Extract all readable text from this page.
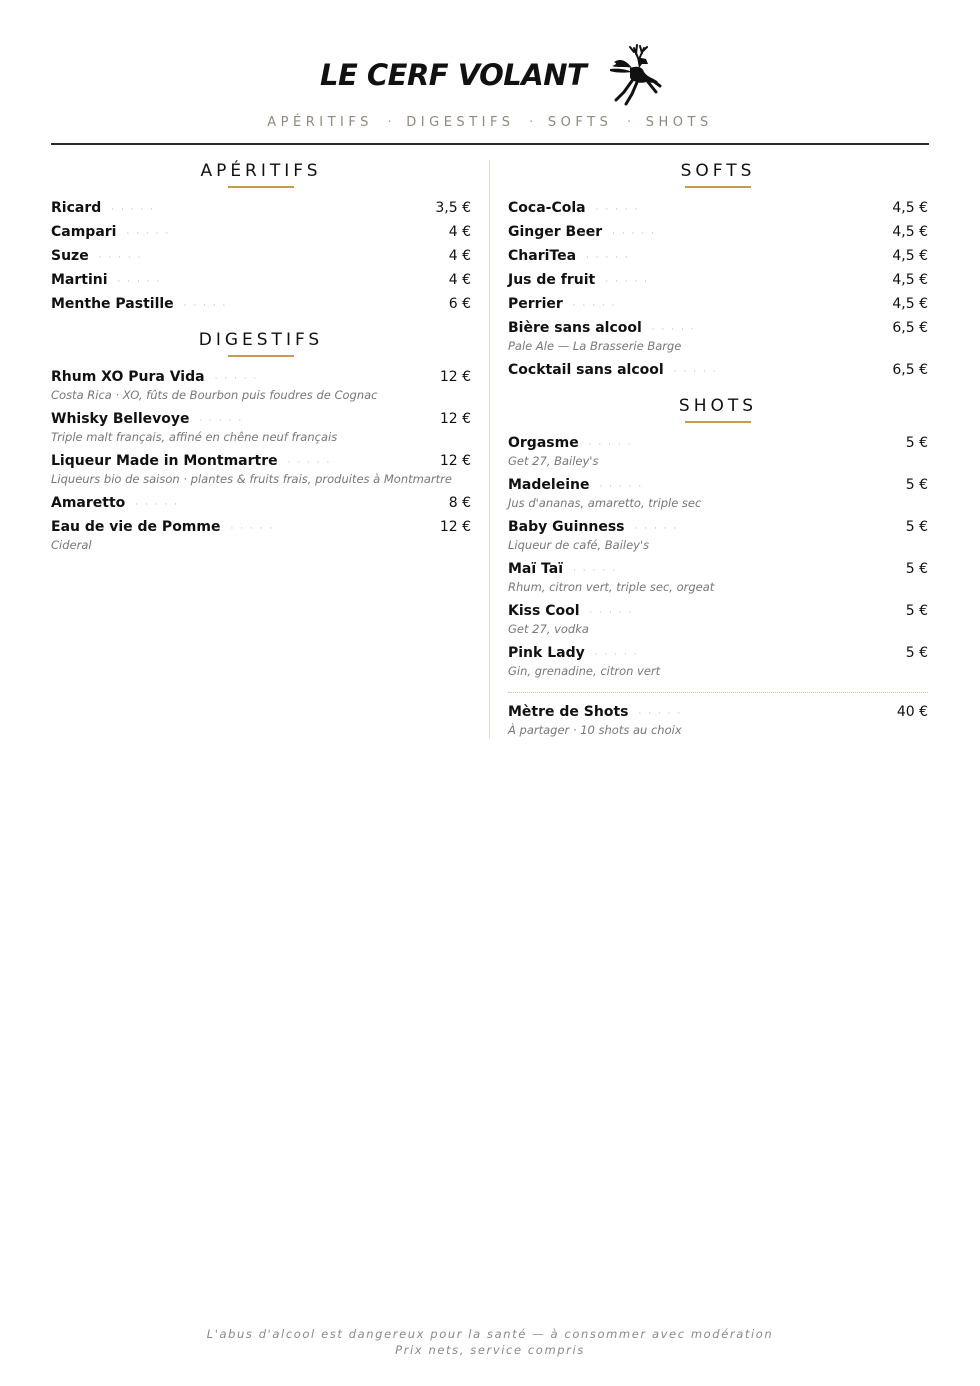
LE CERF VOLANT
APÉRITIFS · DIGESTIFS · SOFTS · SHOTS
APÉRITIFS
Ricard · · · · ·	3,5 €
Campari · · · · ·	4 €
Suze · · · · ·	4 €
Martini · · · · ·	4 €
Menthe Pastille · · · · ·	6 €
DIGESTIFS
Rhum XO Pura Vida · · · · ·	12 €
Costa Rica · XO, fûts de Bourbon puis foudres de Cognac
Whisky Bellevoye · · · · ·	12 €
Triple malt français, affiné en chêne neuf français
Liqueur Made in Montmartre · · · · ·	12 €
Liqueurs bio de saison · plantes & fruits frais, produites à Montmartre
Amaretto · · · · ·	8 €
Eau de vie de Pomme · · · · ·	12 €
Cideral
SOFTS
Coca-Cola · · · · ·	4,5 €
Ginger Beer · · · · ·	4,5 €
ChariTea · · · · ·	4,5 €
Jus de fruit · · · · ·	4,5 €
Perrier · · · · ·	4,5 €
Bière sans alcool · · · · ·	6,5 €
Pale Ale — La Brasserie Barge
Cocktail sans alcool · · · · ·	6,5 €
SHOTS
Orgasme · · · · ·	5 €
Get 27, Bailey's
Madeleine · · · · ·	5 €
Jus d'ananas, amaretto, triple sec
Baby Guinness · · · · ·	5 €
Liqueur de café, Bailey's
Maï Taï · · · · ·	5 €
Rhum, citron vert, triple sec, orgeat
Kiss Cool · · · · ·	5 €
Get 27, vodka
Pink Lady · · · · ·	5 €
Gin, grenadine, citron vert
Mètre de Shots · · · · ·	40 €
À partager · 10 shots au choix
L'abus d'alcool est dangereux pour la santé — à consommer avec modération
Prix nets, service compris
